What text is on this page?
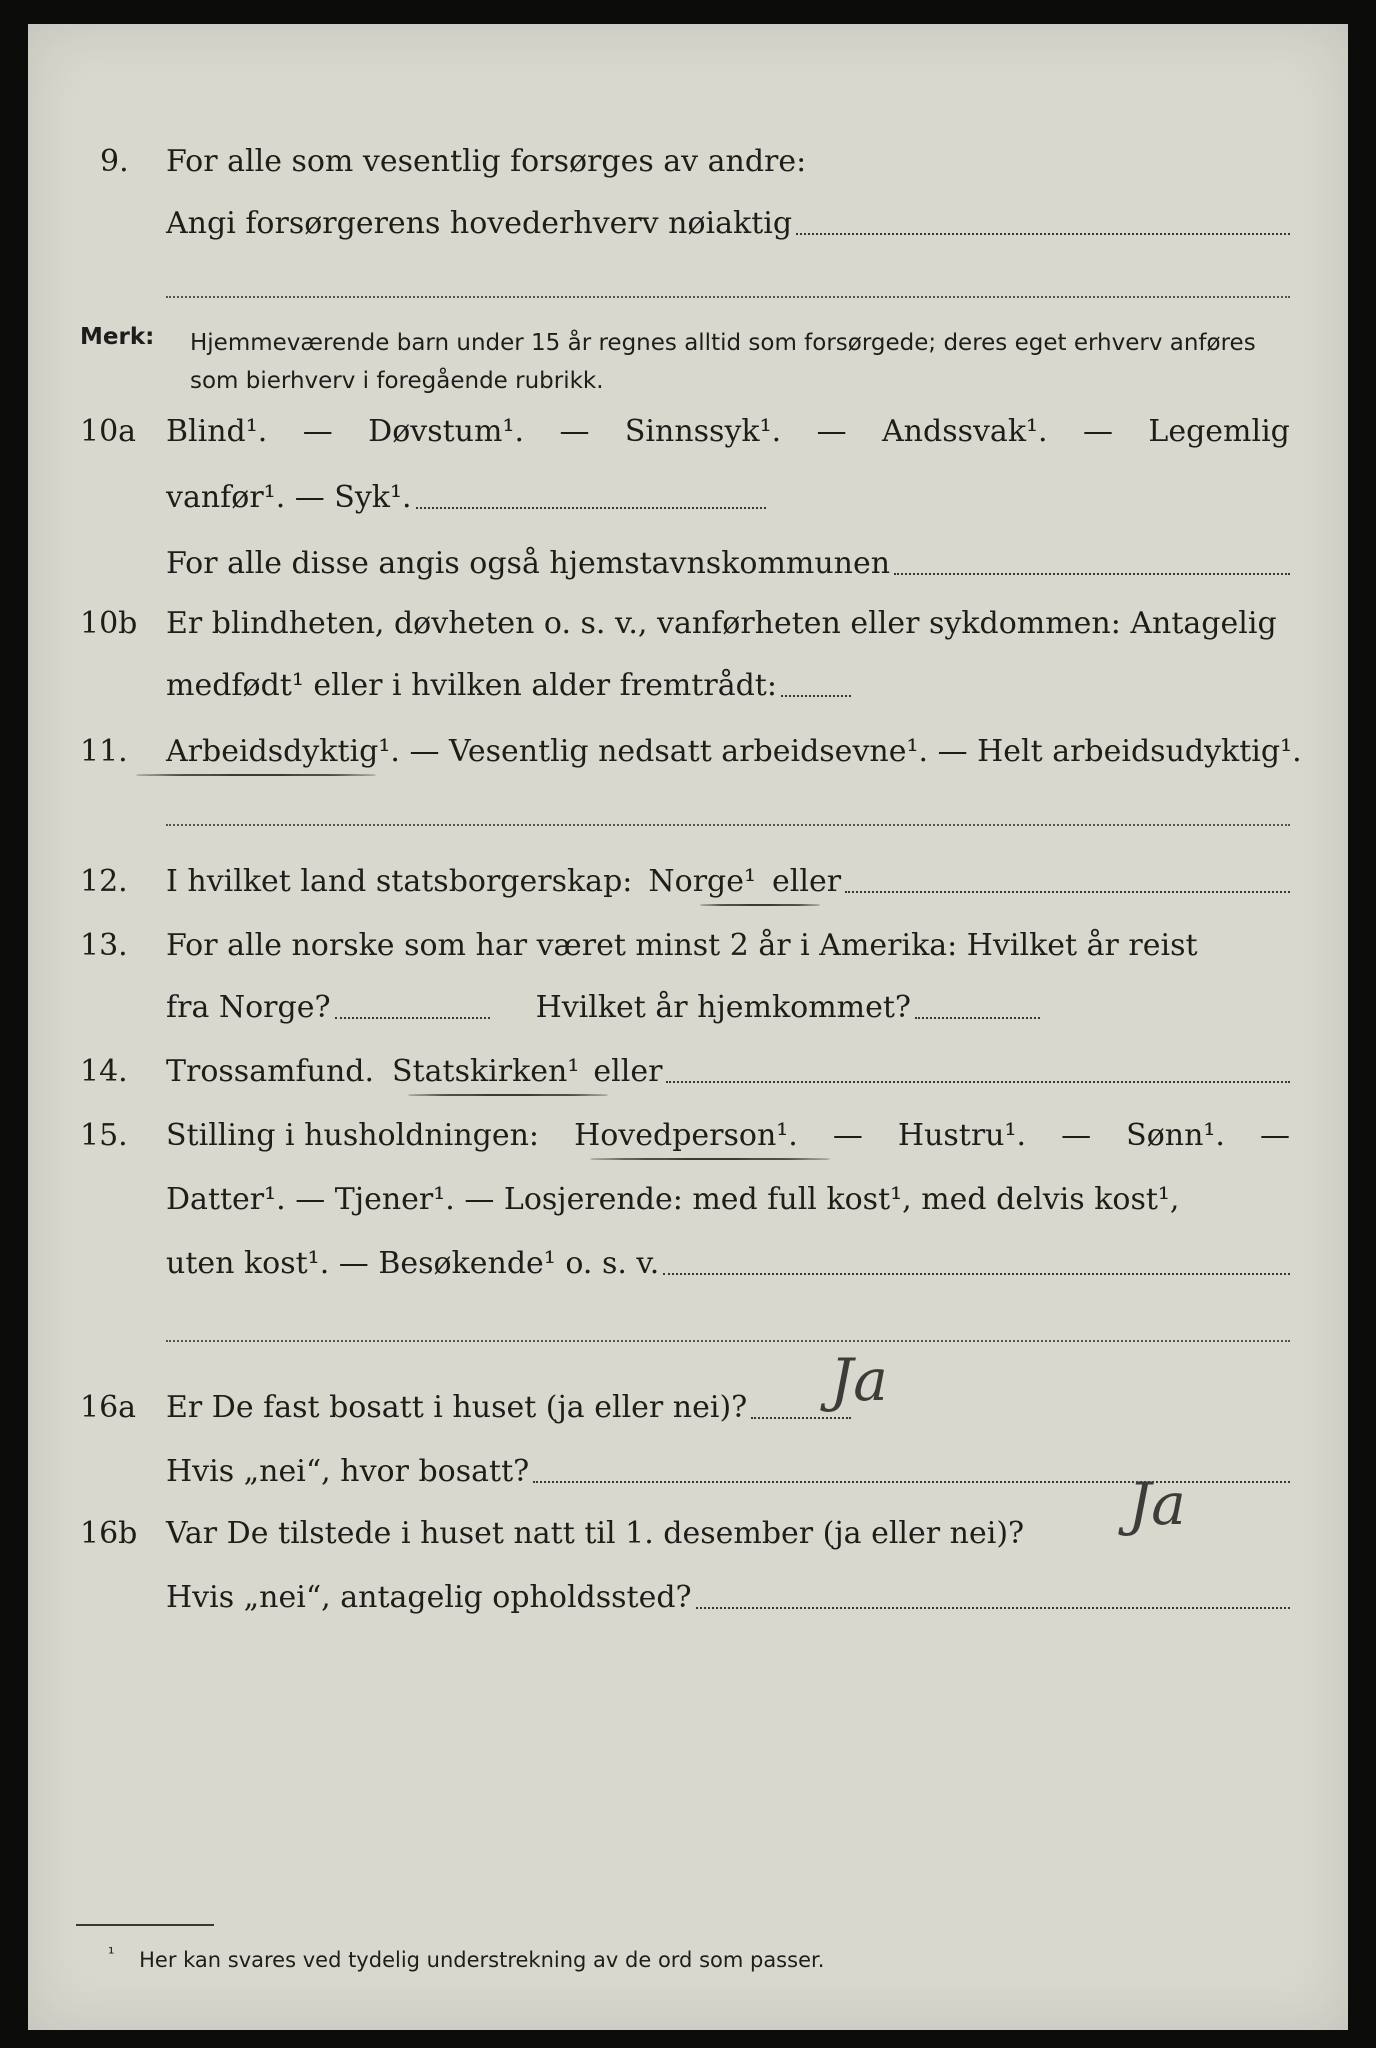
9.	For alle som vesentlig forsørges av andre:
Angi forsørgerens hovederhverv nøiaktig
Merk: Hjemmeværende barn under 15 år regnes alltid som forsørgede; deres eget erhverv anføres som bierhverv i foregående rubrikk.
10a Blind¹. — Døvstum¹. — Sinnssyk¹. — Andssvak¹. — Legemlig
vanfør¹. — Syk¹.
For alle disse angis også hjemstavnskommunen
10b Er blindheten, døvheten o. s. v., vanførheten eller sykdommen: Antagelig
medfødt¹ eller i hvilken alder fremtrådt:
11.	Arbeidsdyktig¹. — Vesentlig nedsatt arbeidsevne¹. — Helt arbeidsudyktig¹.
12.	I hvilket land statsborgerskap: Norge¹ eller
13.	For alle norske som har været minst 2 år i Amerika: Hvilket år reist
fra Norge?	Hvilket år hjemkommet?
14.	Trossamfund. Statskirken¹ eller
15.	Stilling i husholdningen: Hovedperson¹. — Hustru¹. — Sønn¹. —
Datter¹. — Tjener¹. — Losjerende: med full kost¹, med delvis kost¹,
uten kost¹. — Besøkende¹ o. s. v.
16a Er De fast bosatt i huset (ja eller nei)? Ja
Hvis „nei“, hvor bosatt?
16b Var De tilstede i huset natt til 1. desember (ja eller nei)? Ja
Hvis „nei“, antagelig opholdssted?
$^{^1}$ Her kan svares ved tydelig understrekning av de ord som passer.
